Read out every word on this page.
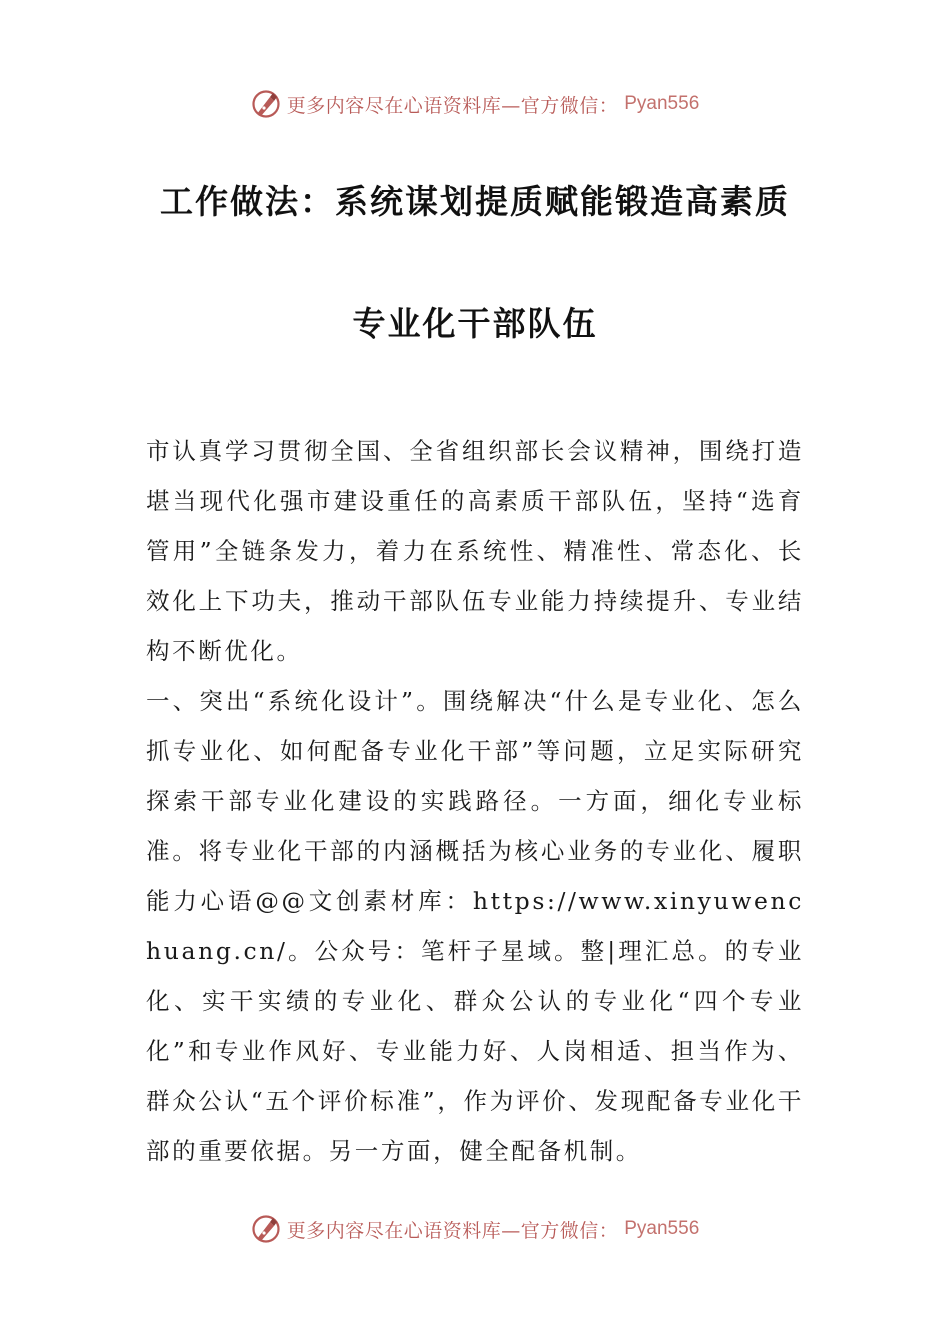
更多内容尽在心语资料库—官方微信： Pyan556
工作做法：系统谋划提质赋能锻造高素质
专业化干部队伍

市认真学习贯彻全国、全省组织部长会议精神，围绕打造堪当现代化强市建设重任的高素质干部队伍，坚持“选育管用”全链条发力，着力在系统性、精准性、常态化、长效化上下功夫，推动干部队伍专业能力持续提升、专业结构不断优化。

一、突出“系统化设计”。围绕解决“什么是专业化、怎么抓专业化、如何配备专业化干部”等问题，立足实际研究探索干部专业化建设的实践路径。一方面，细化专业标准。将专业化干部的内涵概括为核心业务的专业化、履职能力心语@@文创素材库：https://www.xinyuwenchuang.cn/。公众号：笔杆子星域。整|理汇总。的专业化、实干实绩的专业化、群众公认的专业化“四个专业化”和专业作风好、专业能力好、人岗相适、担当作为、群众公认“五个评价标准”，作为评价、发现配备专业化干部的重要依据。另一方面，健全配备机制。

更多内容尽在心语资料库—官方微信： Pyan556
